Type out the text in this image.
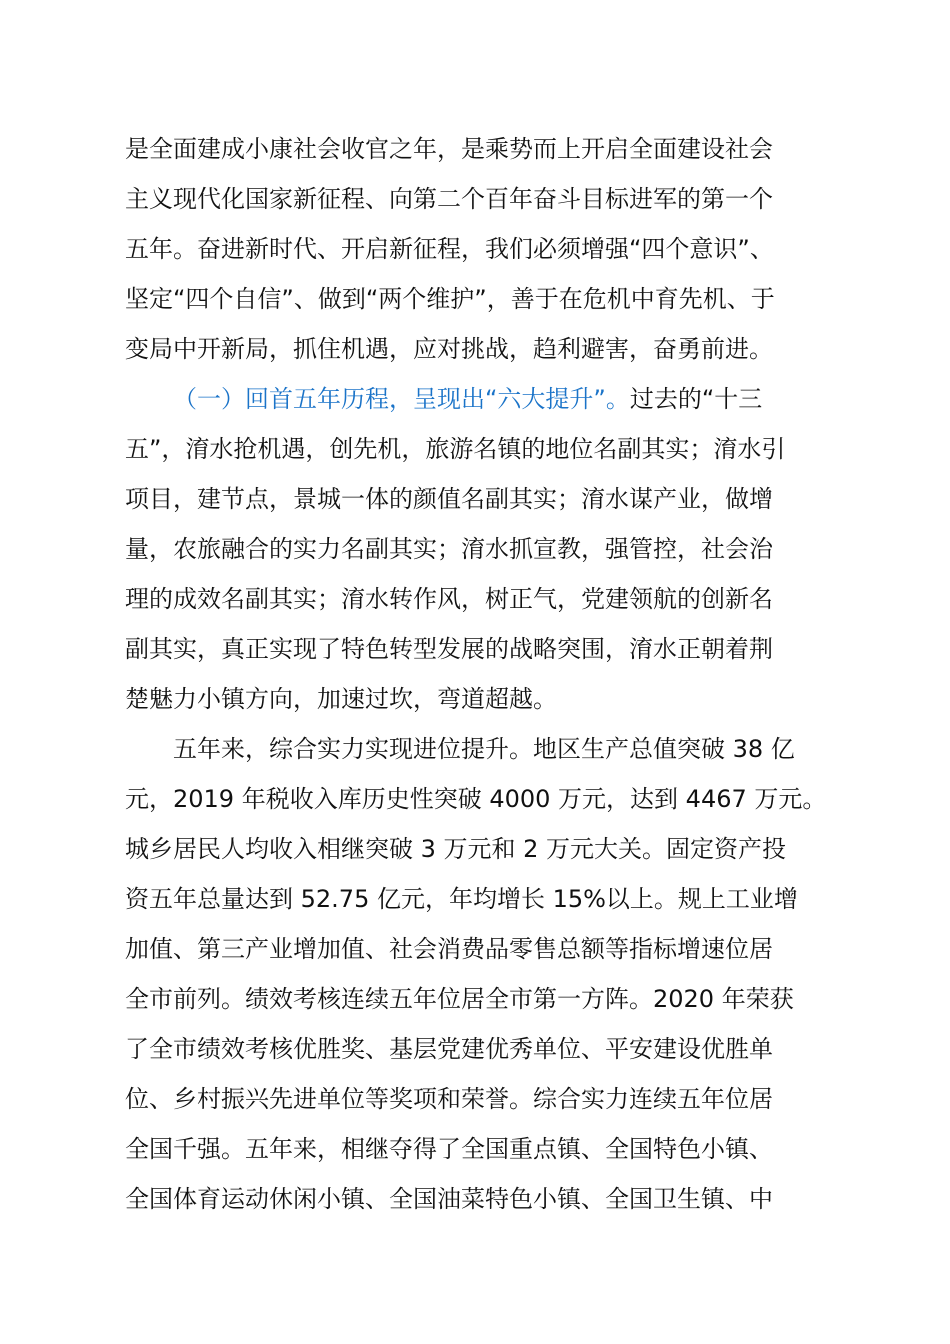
是全面建成小康社会收官之年，是乘势而上开启全面建设社会
主义现代化国家新征程、向第二个百年奋斗目标进军的第一个
五年。奋进新时代、开启新征程，我们必须增强“四个意识”、
坚定“四个自信”、做到“两个维护”，善于在危机中育先机、于
变局中开新局，抓住机遇，应对挑战，趋利避害，奋勇前进。
（一）回首五年历程，呈现出“六大提升”。过去的“十三
五”，淯水抢机遇，创先机，旅游名镇的地位名副其实；淯水引
项目，建节点，景城一体的颜值名副其实；淯水谋产业，做增
量，农旅融合的实力名副其实；淯水抓宣教，强管控，社会治
理的成效名副其实；淯水转作风，树正气，党建领航的创新名
副其实，真正实现了特色转型发展的战略突围，淯水正朝着荆
楚魅力小镇方向，加速过坎，弯道超越。
五年来，综合实力实现进位提升。地区生产总值突破 38 亿
元，2019 年税收入库历史性突破 4000 万元，达到 4467 万元。
城乡居民人均收入相继突破 3 万元和 2 万元大关。固定资产投
资五年总量达到 52.75 亿元，年均增长 15%以上。规上工业增
加值、第三产业增加值、社会消费品零售总额等指标增速位居
全市前列。绩效考核连续五年位居全市第一方阵。2020 年荣获
了全市绩效考核优胜奖、基层党建优秀单位、平安建设优胜单
位、乡村振兴先进单位等奖项和荣誉。综合实力连续五年位居
全国千强。五年来，相继夺得了全国重点镇、全国特色小镇、
全国体育运动休闲小镇、全国油菜特色小镇、全国卫生镇、中
